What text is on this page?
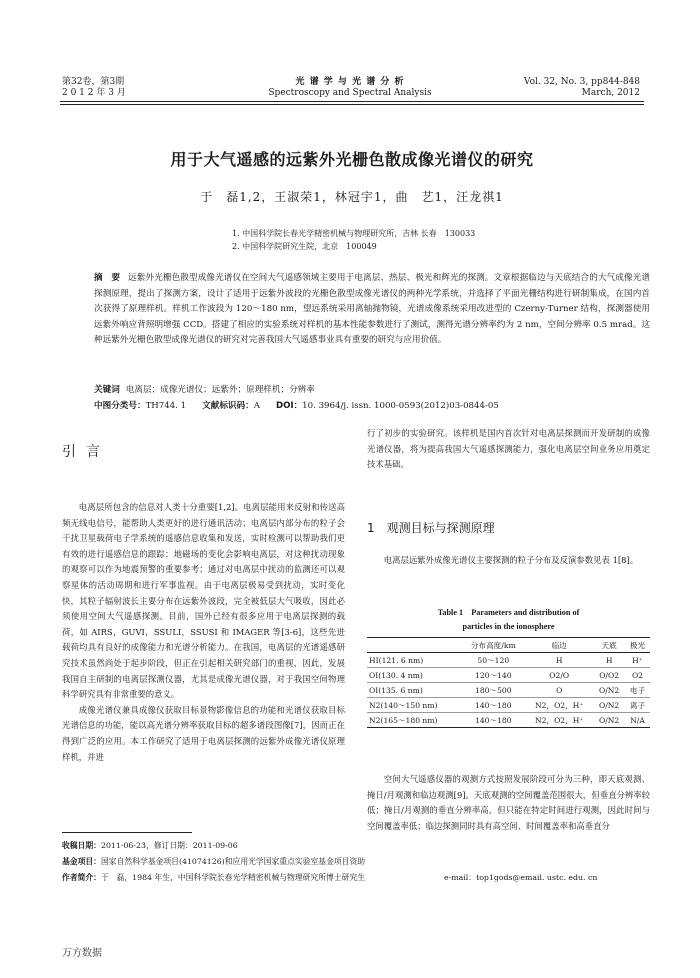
第32卷，第3期
2 0 1 2 年 3 月
光 谱 学 与 光 谱 分 析
Spectroscopy and Spectral Analysis
Vol. 32, No. 3, pp844-848
March, 2012
用于大气遥感的远紫外光栅色散成像光谱仪的研究
于　磊1,2，王淑荣1，林冠宇1，曲　艺1，汪龙祺1
1. 中国科学院长春光学精密机械与物理研究所，吉林 长春　130033
2. 中国科学院研究生院，北京　100049
摘　要 远紫外光栅色散型成像光谱仪在空间大气遥感领域主要用于电离层、热层、极光和辉光的探测。文章根据临边与天底结合的大气成像光谱探测原理，提出了探测方案，设计了适用于远紫外波段的光栅色散型成像光谱仪的两种光学系统，并选择了平面光栅结构进行研制集成，在国内首次获得了原理样机。样机工作波段为 120～180 nm，望远系统采用离轴抛物镜，光谱成像系统采用改进型的 Czerny-Turner 结构，探测器使用远紫外响应背照明增强 CCD。搭建了相应的实验系统对样机的基本性能参数进行了测试，测得光谱分辨率约为 2 nm，空间分辨率 0.5 mrad。这种远紫外光栅色散型成像光谱仪的研究对完善我国大气遥感事业具有重要的研究与应用价值。
关键词 电离层；成像光谱仪；远紫外；原理样机；分辨率
中图分类号：TH744. 1 文献标识码：A DOI：10. 3964/j. issn. 1000-0593(2012)03-0844-05
引言

电离层所包含的信息对人类十分重要[1,2]。电离层能用来反射和传送高频无线电信号，能帮助人类更好的进行通讯活动；电离层内部分布的粒子会干扰卫星载荷电子学系统的遥感信息收集和发送，实时检测可以帮助我们更有效的进行遥感信息的跟踪；地磁场的变化会影响电离层，对这种扰动现象的观察可以作为地震预警的重要参考；通过对电离层中扰动的监测还可以观察星体的活动周期和进行军事监视。由于电离层极易受到扰动，实时变化快，其粒子辐射波长主要分布在远紫外波段，完全被低层大气吸收，因此必须使用空间大气遥感探测。目前，国外已经有很多应用于电离层探测的载荷，如 AIRS，GUVI，SSULI，SSUSI 和 IMAGER 等[3-6]，这些先进载荷均具有良好的成像能力和光谱分析能力。在我国，电离层的光谱遥感研究技术虽然尚处于起步阶段，但正在引起相关研究部门的重视，因此，发展我国自主研制的电离层探测仪器，尤其是成像光谱仪器，对于我国空间物理科学研究具有非常重要的意义。

成像光谱仪兼具成像仪获取目标景物影像信息的功能和光谱仪获取目标光谱信息的功能，能以高光谱分辨率获取目标的超多谱段图像[7]，因而正在得到广泛的应用。本工作研究了适用于电离层探测的远紫外成像光谱仪原理样机，并进

行了初步的实验研究。该样机是国内首次针对电离层探测而开发研制的成像光谱仪器，将为提高我国大气遥感探测能力，强化电离层空间业务应用奠定技术基础。
1 观测目标与探测原理

电离层远紫外成像光谱仪主要探测的粒子分布及反演参数见表 1[8]。

Table 1　Parameters and distribution of
particles in the ionosphere
	分布高度/km	临边	天底	极光
HⅠ(121. 6 nm)	50～120	H	H	H⁺
OⅠ(130. 4 nm)	120～140	O2/O	O/O2	O2
OⅠ(135. 6 nm)	180～500	O	O/N2	电子
N2(140～150 nm)	140～180	N2，O2，H⁺	O/N2	离子
N2(165～180 nm)	140～180	N2，O2，H⁺	O/N2	N/A

空间大气遥感仪器的观测方式按照发展阶段可分为三种，即天底观测、掩日/月观测和临边观测[9]。天底观测的空间覆盖范围很大，但垂直分辨率较低；掩日/月观测的垂直分辨率高，但只能在特定时间进行观测，因此时间与空间覆盖率低；临边探测同时具有高空间、时间覆盖率和高垂直分

收稿日期：2011-06-23，修订日期：2011-09-06
基金项目：国家自然科学基金项目(41074126)和应用光学国家重点实验室基金项目资助
作者简介：于　磊，1984 年生，中国科学院长春光学精密机械与物理研究所博士研究生	e-mail：top1gods@email. ustc. edu. cn
万方数据
